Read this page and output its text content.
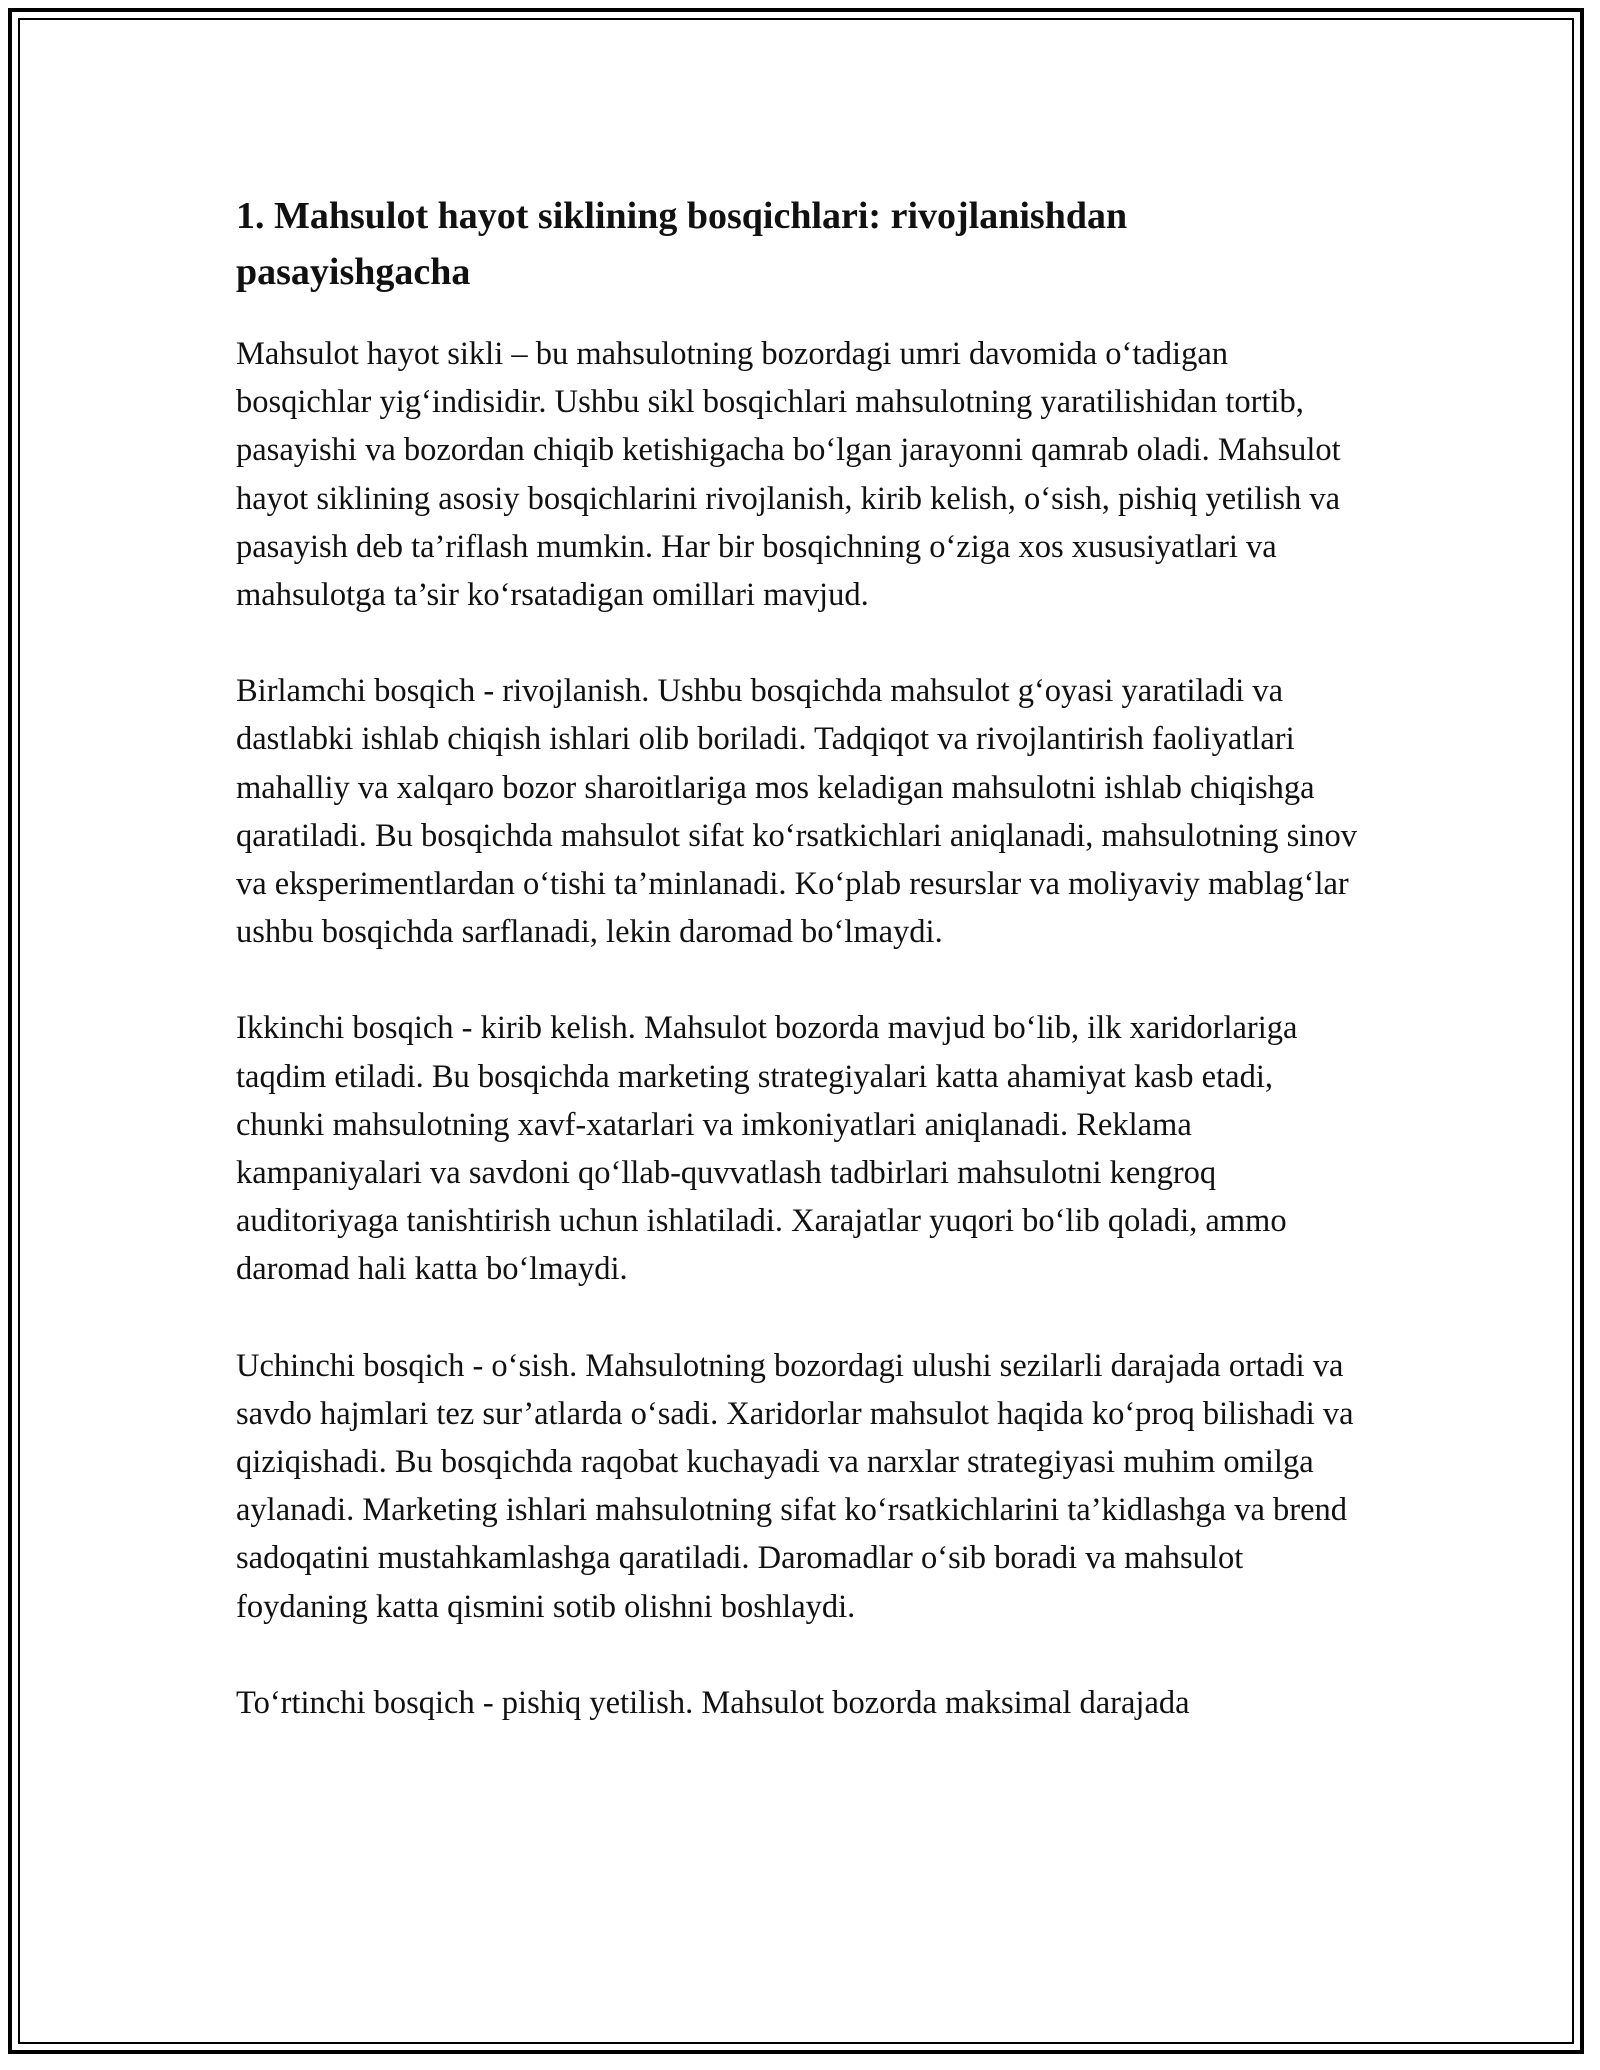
1. Mahsulot hayot siklining bosqichlari: rivojlanishdan pasayishgacha

Mahsulot hayot sikli – bu mahsulotning bozordagi umri davomida o‘tadigan bosqichlar yig‘indisidir. Ushbu sikl bosqichlari mahsulotning yaratilishidan tortib, pasayishi va bozordan chiqib ketishigacha bo‘lgan jarayonni qamrab oladi. Mahsulot hayot siklining asosiy bosqichlarini rivojlanish, kirib kelish, o‘sish, pishiq yetilish va pasayish deb ta’riflash mumkin. Har bir bosqichning o‘ziga xos xususiyatlari va mahsulotga ta’sir ko‘rsatadigan omillari mavjud.

Birlamchi bosqich - rivojlanish. Ushbu bosqichda mahsulot g‘oyasi yaratiladi va dastlabki ishlab chiqish ishlari olib boriladi. Tadqiqot va rivojlantirish faoliyatlari mahalliy va xalqaro bozor sharoitlariga mos keladigan mahsulotni ishlab chiqishga qaratiladi. Bu bosqichda mahsulot sifat ko‘rsatkichlari aniqlanadi, mahsulotning sinov va eksperimentlardan o‘tishi ta’minlanadi. Ko‘plab resurslar va moliyaviy mablag‘lar ushbu bosqichda sarflanadi, lekin daromad bo‘lmaydi.

Ikkinchi bosqich - kirib kelish. Mahsulot bozorda mavjud bo‘lib, ilk xaridorlariga taqdim etiladi. Bu bosqichda marketing strategiyalari katta ahamiyat kasb etadi, chunki mahsulotning xavf-xatarlari va imkoniyatlari aniqlanadi. Reklama kampaniyalari va savdoni qo‘llab-quvvatlash tadbirlari mahsulotni kengroq auditoriyaga tanishtirish uchun ishlatiladi. Xarajatlar yuqori bo‘lib qoladi, ammo daromad hali katta bo‘lmaydi.

Uchinchi bosqich - o‘sish. Mahsulotning bozordagi ulushi sezilarli darajada ortadi va savdo hajmlari tez sur’atlarda o‘sadi. Xaridorlar mahsulot haqida ko‘proq bilishadi va qiziqishadi. Bu bosqichda raqobat kuchayadi va narxlar strategiyasi muhim omilga aylanadi. Marketing ishlari mahsulotning sifat ko‘rsatkichlarini ta’kidlashga va brend sadoqatini mustahkamlashga qaratiladi. Daromadlar o‘sib boradi va mahsulot foydaning katta qismini sotib olishni boshlaydi.

To‘rtinchi bosqich - pishiq yetilish. Mahsulot bozorda maksimal darajada
